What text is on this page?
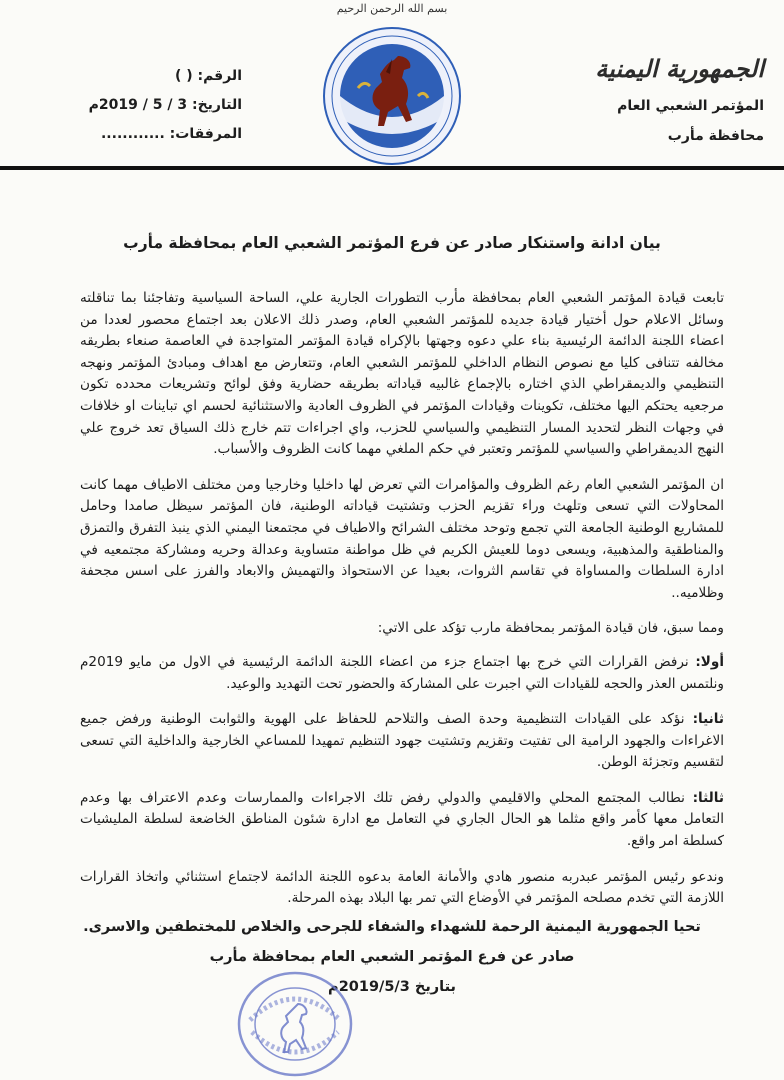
بسم الله الرحمن الرحيم
الجمهورية اليمنية
المؤتمر الشعبي العام
محافظة مأرب
الرقم: ( )
التاريخ: 3 / 5 / 2019م
المرفقات: ............
بيان ادانة واستنكار صادر عن فرع المؤتمر الشعبي العام بمحافظة مأرب

تابعت قيادة المؤتمر الشعبي العام بمحافظة مأرب التطورات الجارية علي، الساحة السياسية وتفاجئنا بما تناقلته وسائل الاعلام حول أختيار قيادة جديده للمؤتمر الشعبي العام، وصدر ذلك الاعلان بعد اجتماع محصور لعددا من اعضاء اللجنة الدائمة الرئيسية بناء علي دعوه وجهتها بالإكراه قيادة المؤتمر المتواجدة في العاصمة صنعاء بطريقه مخالفه تتنافى كليا مع نصوص النظام الداخلي للمؤتمر الشعبي العام، وتتعارض مع اهداف ومبادئ المؤتمر ونهجه التنظيمي والديمقراطي الذي اختاره بالإجماع غالبيه قياداته بطريقه حضارية وفق لوائح وتشريعات محدده تكون مرجعيه يحتكم اليها مختلف، تكوينات وقيادات المؤتمر في الظروف العادية والاستثنائية لحسم اي تباينات او خلافات في وجهات النظر لتحديد المسار التنظيمي والسياسي للحزب، واي اجراءات تتم خارج ذلك السياق تعد خروج علي النهج الديمقراطي والسياسي للمؤتمر وتعتبر في حكم الملغي مهما كانت الظروف والأسباب.

ان المؤتمر الشعبي العام رغم الظروف والمؤامرات التي تعرض لها داخليا وخارجيا ومن مختلف الاطياف مهما كانت المحاولات التي تسعى وتلهث وراء تقزيم الحزب وتشتيت قياداته الوطنية، فان المؤتمر سيظل صامدا وحامل للمشاريع الوطنية الجامعة التي تجمع وتوحد مختلف الشرائح والاطياف في مجتمعنا اليمني الذي ينبذ التفرق والتمزق والمناطقية والمذهبية، ويسعى دوما للعيش الكريم في ظل مواطنة متساوية وعدالة وحريه ومشاركة مجتمعيه في ادارة السلطات والمساواة في تقاسم الثروات، بعيدا عن الاستحواذ والتهميش والابعاد والفرز على اسس مجحفة وظلاميه..

ومما سبق، فان قيادة المؤتمر بمحافظة مارب تؤكد على الاتي:

أولا: نرفض القرارات التي خرج بها اجتماع جزء من اعضاء اللجنة الدائمة الرئيسية في الاول من مايو 2019م ونلتمس العذر والحجه للقيادات التي اجبرت على المشاركة والحضور تحت التهديد والوعيد.

ثانيا: نؤكد على القيادات التنظيمية وحدة الصف والتلاحم للحفاظ على الهوية والثوابت الوطنية ورفض جميع الاغراءات والجهود الرامية الى تفتيت وتقزيم وتشتيت جهود التنظيم تمهيدا للمساعي الخارجية والداخلية التي تسعى لتقسيم وتجزئة الوطن.

ثالثا: نطالب المجتمع المحلي والاقليمي والدولي رفض تلك الاجراءات والممارسات وعدم الاعتراف بها وعدم التعامل معها كأمر واقع مثلما هو الحال الجاري في التعامل مع ادارة شئون المناطق الخاضعة لسلطة المليشيات كسلطة امر واقع.

وندعو رئيس المؤتمر عبدربه منصور هادي والأمانة العامة بدعوه اللجنة الدائمة لاجتماع استثنائي واتخاذ القرارات اللازمة التي تخدم مصلحه المؤتمر في الأوضاع التي تمر بها البلاد بهذه المرحلة.

تحيا الجمهورية اليمنية الرحمة للشهداء والشفاء للجرحى والخلاص للمختطفين والاسرى.
صادر عن فرع المؤتمر الشعبي العام بمحافظة مأرب
بتاريخ 2019/5/3م
